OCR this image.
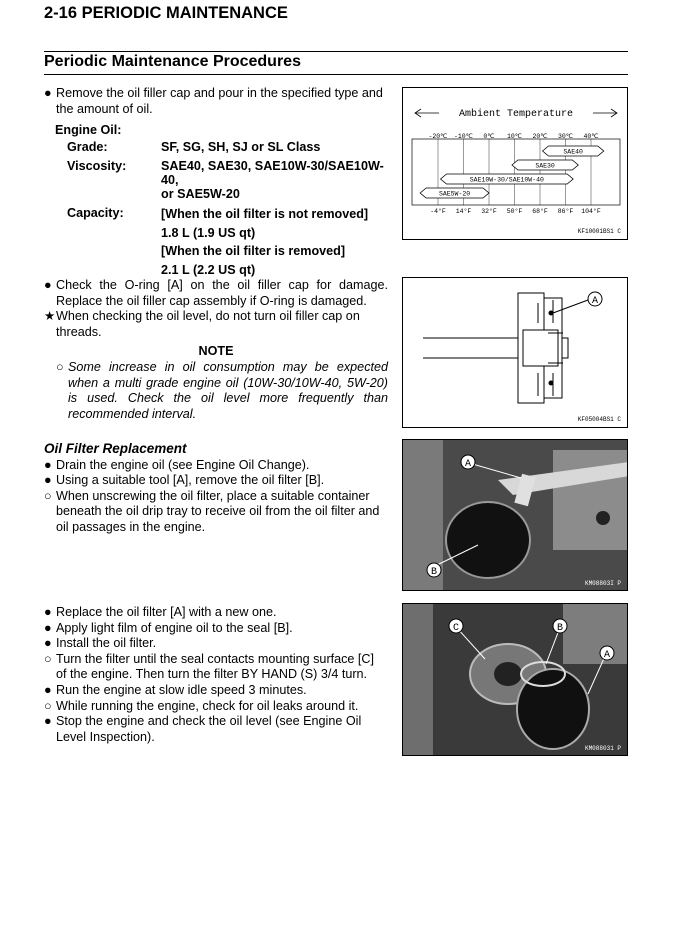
2-16 PERIODIC MAINTENANCE
Periodic Maintenance Procedures
● Remove the oil filler cap and pour in the specified type and the amount of oil.
Engine Oil:	
Grade:	SF, SG, SH, SJ or SL Class
Viscosity:	SAE40, SAE30, SAE10W-30/SAE10W-40,
or SAE5W-20

Capacity:	[When the oil filter is not removed]
1.8 L (1.9 US qt)
[When the oil filter is removed]
2.1 L (2.2 US qt)
Ambient Temperature
-20℃ -10℃ 0℃ 10℃ 20℃ 30℃ 40℃
SAE40
SAE30
SAE10W-30/SAE10W-40
SAE5W-20
-4°F 14°F 32°F 50°F 68°F 86°F 104°F
KF10001BS1 C
● Check the O-ring [A] on the oil filler cap for damage. Replace the oil filler cap assembly if O-ring is damaged.
★ When checking the oil level, do not turn oil filler cap on threads.
NOTE
○ Some increase in oil consumption may be expected when a multi grade engine oil (10W-30/10W-40, 5W-20) is used. Check the oil level more frequently than recommended interval.
A
KF05004BS1 C
Oil Filter Replacement
● Drain the engine oil (see Engine Oil Change).
● Using a suitable tool [A], remove the oil filter [B].
○ When unscrewing the oil filter, place a suitable container beneath the oil drip tray to receive oil from the oil filter and oil passages in the engine.
A
B
KM08803I P
● Replace the oil filter [A] with a new one.
● Apply light film of engine oil to the seal [B].
● Install the oil filter.
○ Turn the filter until the seal contacts mounting surface [C] of the engine. Then turn the filter BY HAND (S) 3/4 turn.
● Run the engine at slow idle speed 3 minutes.
○ While running the engine, check for oil leaks around it.
● Stop the engine and check the oil level (see Engine Oil Level Inspection).
C	B
A
KM088031 P
